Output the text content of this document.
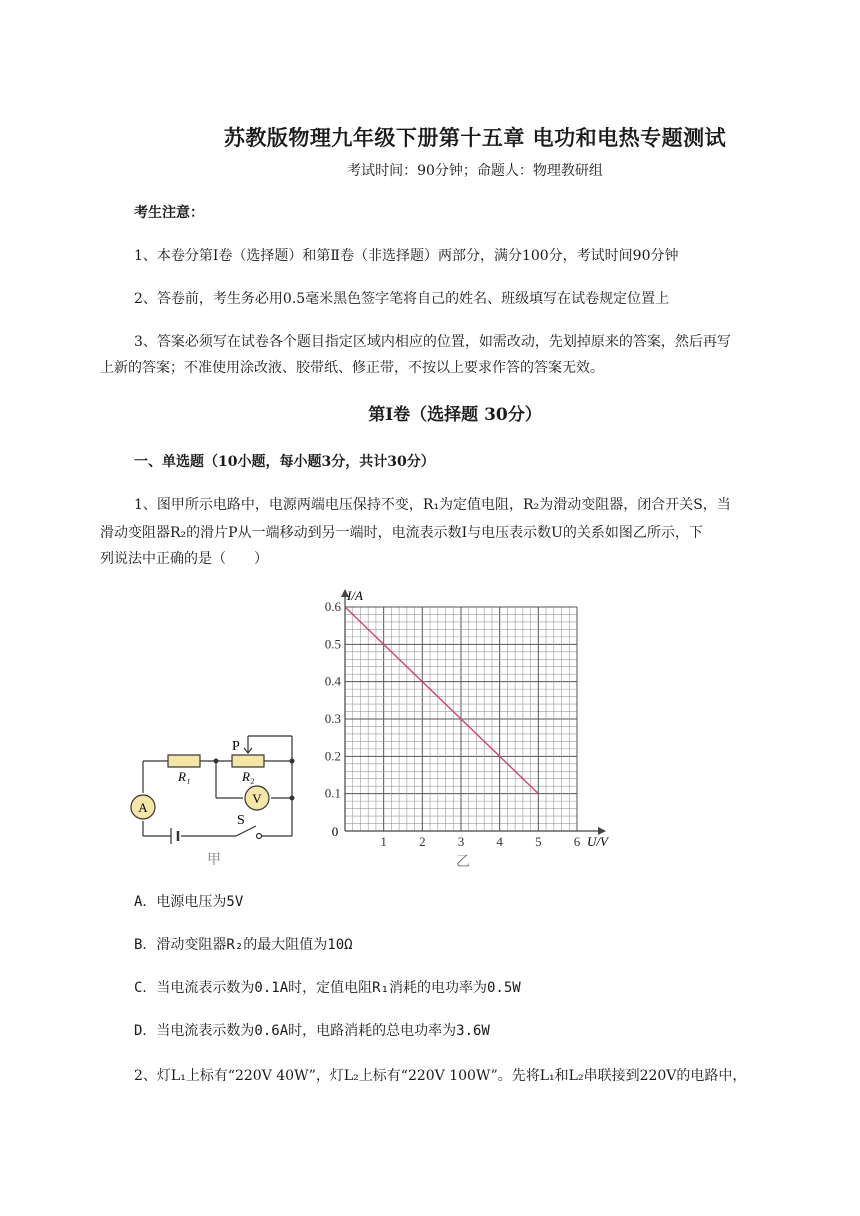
苏教版物理九年级下册第十五章 电功和电热专题测试
考试时间：90分钟；命题人：物理教研组
考生注意：
1、本卷分第Ⅰ卷（选择题）和第Ⅱ卷（非选择题）两部分，满分100分，考试时间90分钟
2、答卷前，考生务必用0.5毫米黑色签字笔将自己的姓名、班级填写在试卷规定位置上
3、答案必须写在试卷各个题目指定区域内相应的位置，如需改动，先划掉原来的答案，然后再写
上新的答案；不准使用涂改液、胶带纸、修正带，不按以上要求作答的答案无效。
第Ⅰ卷（选择题 30分）
一、单选题（10小题，每小题3分，共计30分）
1、图甲所示电路中，电源两端电压保持不变，R₁为定值电阻，R₂为滑动变阻器，闭合开关S，当
滑动变阻器R₂的滑片P从一端移动到另一端时，电流表示数I与电压表示数U的关系如图乙所示，下
列说法中正确的是（　　）
A
V
P
R₁	R₂
S
甲
1 2 3 4 5 6
0.1
0.2
0.3
0.4
0.5
0.6
I/A
U/V
0
乙
A．电源电压为5V
B．滑动变阻器R₂的最大阻值为10Ω
C．当电流表示数为0.1A时，定值电阻R₁消耗的电功率为0.5W
D．当电流表示数为0.6A时，电路消耗的总电功率为3.6W
2、灯L₁上标有“220V 40W”，灯L₂上标有“220V 100W”。先将L₁和L₂串联接到220V的电路中，
